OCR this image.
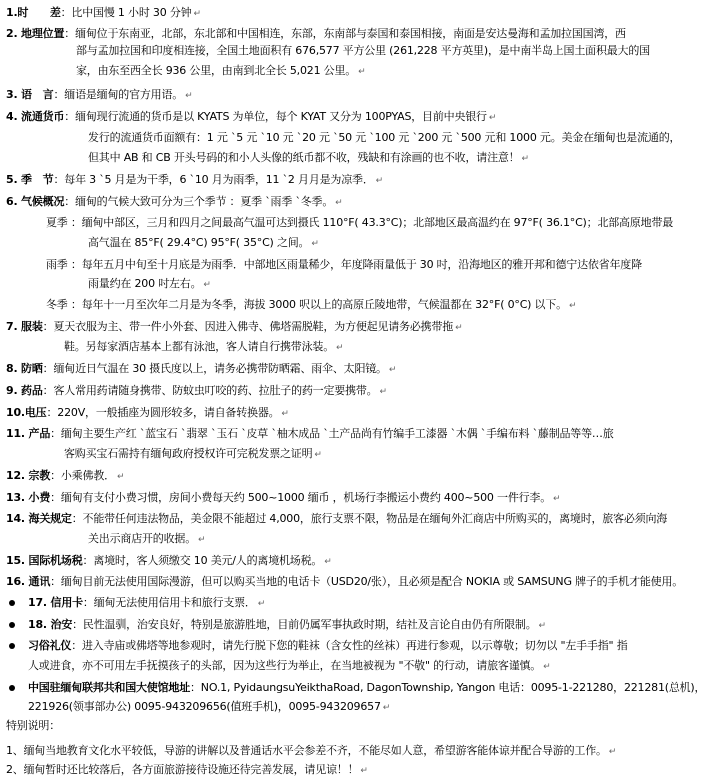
1.时　　差：比中国慢 1 小时 30 分钟 ↵
2. 地理位置：缅甸位于东南亚，北部，东北部和中国相连，东部，东南部与泰国和泰国相接，南面是安达曼海和孟加拉国国湾，西
部与孟加拉国和印度相连接，全国土地面积有 676,577 平方公里 (261,228 平方英里)，是中南半岛上国土面积最大的国
家，由东至西全长 936 公里，由南到北全长 5,021 公里。 ↵
3. 语　言：缅语是缅甸的官方用语。 ↵
4. 流通货币：缅甸现行流通的货币是以 KYATS 为单位，每个 KYAT 又分为 100PYAS，目前中央银行 ↵
发行的流通货币面额有：1 元 `5 元 `10 元 `20 元 `50 元 `100 元 `200 元 `500 元和 1000 元。美金在缅甸也是流通的，
但其中 AB 和 CB 开头号码的和小人头像的纸币都不收，残缺和有涂画的也不收，请注意！ ↵
5. 季　节：每年 3 `5 月是为干季，6 `10 月为雨季，11 `2 月月是为凉季． ↵
6. 气候概况：缅甸的气候大致可分为三个季节 ：夏季 `雨季 `冬季。 ↵
夏季 ：缅甸中部区，三月和四月之间最高气温可达到摄氏 110°F( 43.3°C)；北部地区最高温约在 97°F( 36.1°C)；北部高原地带最
高气温在 85°F( 29.4°C) 95°F( 35°C) 之间。 ↵
雨季 ：每年五月中旬至十月底是为雨季．中部地区雨量稀少，年度降雨量低于 30 吋，沿海地区的雅开邦和德宁达依省年度降
雨量约在 200 吋左右。 ↵
冬季 ：每年十一月至次年二月是为冬季，海拔 3000 呎以上的高原丘陵地带，气候温都在 32°F( 0°C) 以下。 ↵
7. 服装：夏天衣服为主、带一件小外套、因进入佛寺、佛塔需脱鞋，为方便起见请务必携带拖 ↵
鞋。另每家酒店基本上都有泳池，客人请自行携带泳装。 ↵
8. 防晒：缅甸近日气温在 30 摄氏度以上，请务必携带防晒霜、雨伞、太阳镜。 ↵
9. 药品：客人常用药请随身携带、防蚊虫叮咬的药、拉肚子的药一定要携带。 ↵
10.电压：220V，一般插座为圆形较多，请自备转换器。 ↵
11. 产品：缅甸主要生产红 `蓝宝石 `翡翠 `玉石 `皮草 `柚木成品 `土产品尚有竹编手工漆器 `木偶 `手编布料 `藤制品等等…旅
客购买宝石需持有缅甸政府授权许可完税发票之证明 ↵
12. 宗教：小乘佛教． ↵
13. 小费：缅甸有支付小费习惯，房间小费每天约 500~1000 缅币 ，机场行李搬运小费约 400~500 一件行李。 ↵
14. 海关规定：不能带任何违法物品，美金限不能超过 4,000，旅行支票不限，物品是在缅甸外汇商店中所购买的，离境时，旅客必须向海
关出示商店开的收据。 ↵
15. 国际机场税：离境时，客人须缴交 10 美元/人的离境机场税。 ↵
16. 通讯：缅甸目前无法使用国际漫游，但可以购买当地的电话卡（USD20/张），且必须是配合 NOKIA 或 SAMSUNG 牌子的手机才能使用。
17. 信用卡：缅甸无法使用信用卡和旅行支票． ↵
18. 治安：民性温驯，治安良好，特别是旅游胜地，目前仍属军事执政时期，结社及言论自由仍有所限制。 ↵
习俗礼仪：进入寺庙或佛塔等地参观时，请先行脱下您的鞋袜（含女性的丝袜）再进行参观，以示尊敬；切勿以 "左手手指" 指
人或进食，亦不可用左手抚摸孩子的头部，因为这些行为举止，在当地被视为 "不敬" 的行动，请旅客谨慎。 ↵
中国驻缅甸联邦共和国大使馆地址：NO.1, PyidaungsuYeikthaRoad, DagonTownship, Yangon 电话：0095-1-221280，221281(总机)，
221926(领事部办公) 0095-943209656(值班手机)，0095-943209657 ↵
特别说明：
1、缅甸当地教育文化水平较低，导游的讲解以及普通话水平会参差不齐，不能尽如人意，希望游客能体谅并配合导游的工作。 ↵
2、缅甸暂时还比较落后，各方面旅游接待设施还待完善发展，请见谅！！ ↵
